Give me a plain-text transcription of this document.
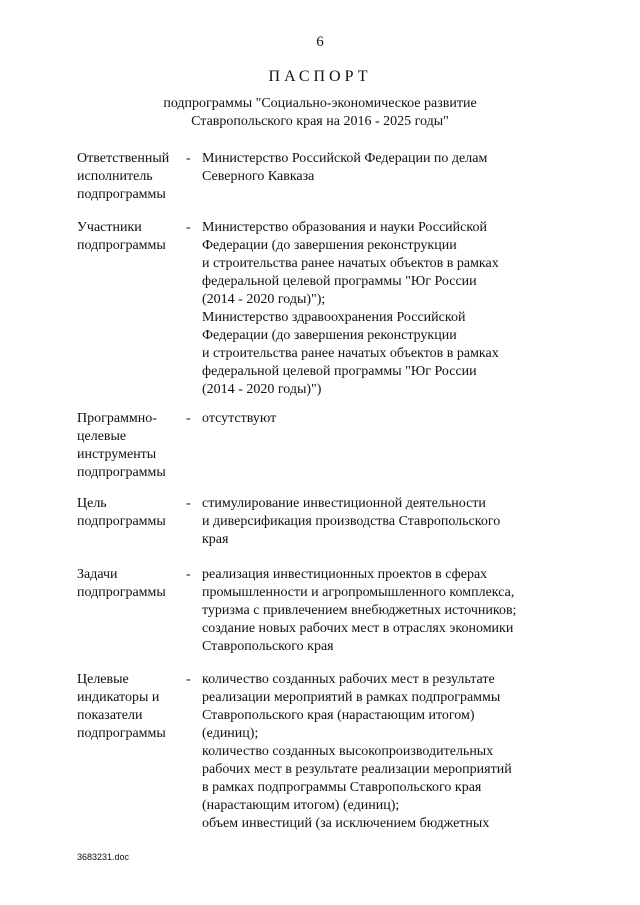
6
ПАСПОРТ
подпрограммы "Социально-экономическое развитие
Ставропольского края на 2016 - 2025 годы"
Ответственный
исполнитель
подпрограммы
- Министерство Российской Федерации по делам
Северного Кавказа
Участники
подпрограммы
- Министерство образования и науки Российской
Федерации (до завершения реконструкции
и строительства ранее начатых объектов в рамках
федеральной целевой программы "Юг России
(2014 - 2020 годы)");
Министерство здравоохранения Российской
Федерации (до завершения реконструкции
и строительства ранее начатых объектов в рамках
федеральной целевой программы "Юг России
(2014 - 2020 годы)")
Программно-
целевые
инструменты
подпрограммы
- отсутствуют
Цель
подпрограммы
- стимулирование инвестиционной деятельности
и диверсификация производства Ставропольского
края
Задачи
подпрограммы
- реализация инвестиционных проектов в сферах
промышленности и агропромышленного комплекса,
туризма с привлечением внебюджетных источников;
создание новых рабочих мест в отраслях экономики
Ставропольского края
Целевые
индикаторы и
показатели
подпрограммы
- количество созданных рабочих мест в результате
реализации мероприятий в рамках подпрограммы
Ставропольского края (нарастающим итогом)
(единиц);
количество созданных высокопроизводительных
рабочих мест в результате реализации мероприятий
в рамках подпрограммы Ставропольского края
(нарастающим итогом) (единиц);
объем инвестиций (за исключением бюджетных
3683231.doc
